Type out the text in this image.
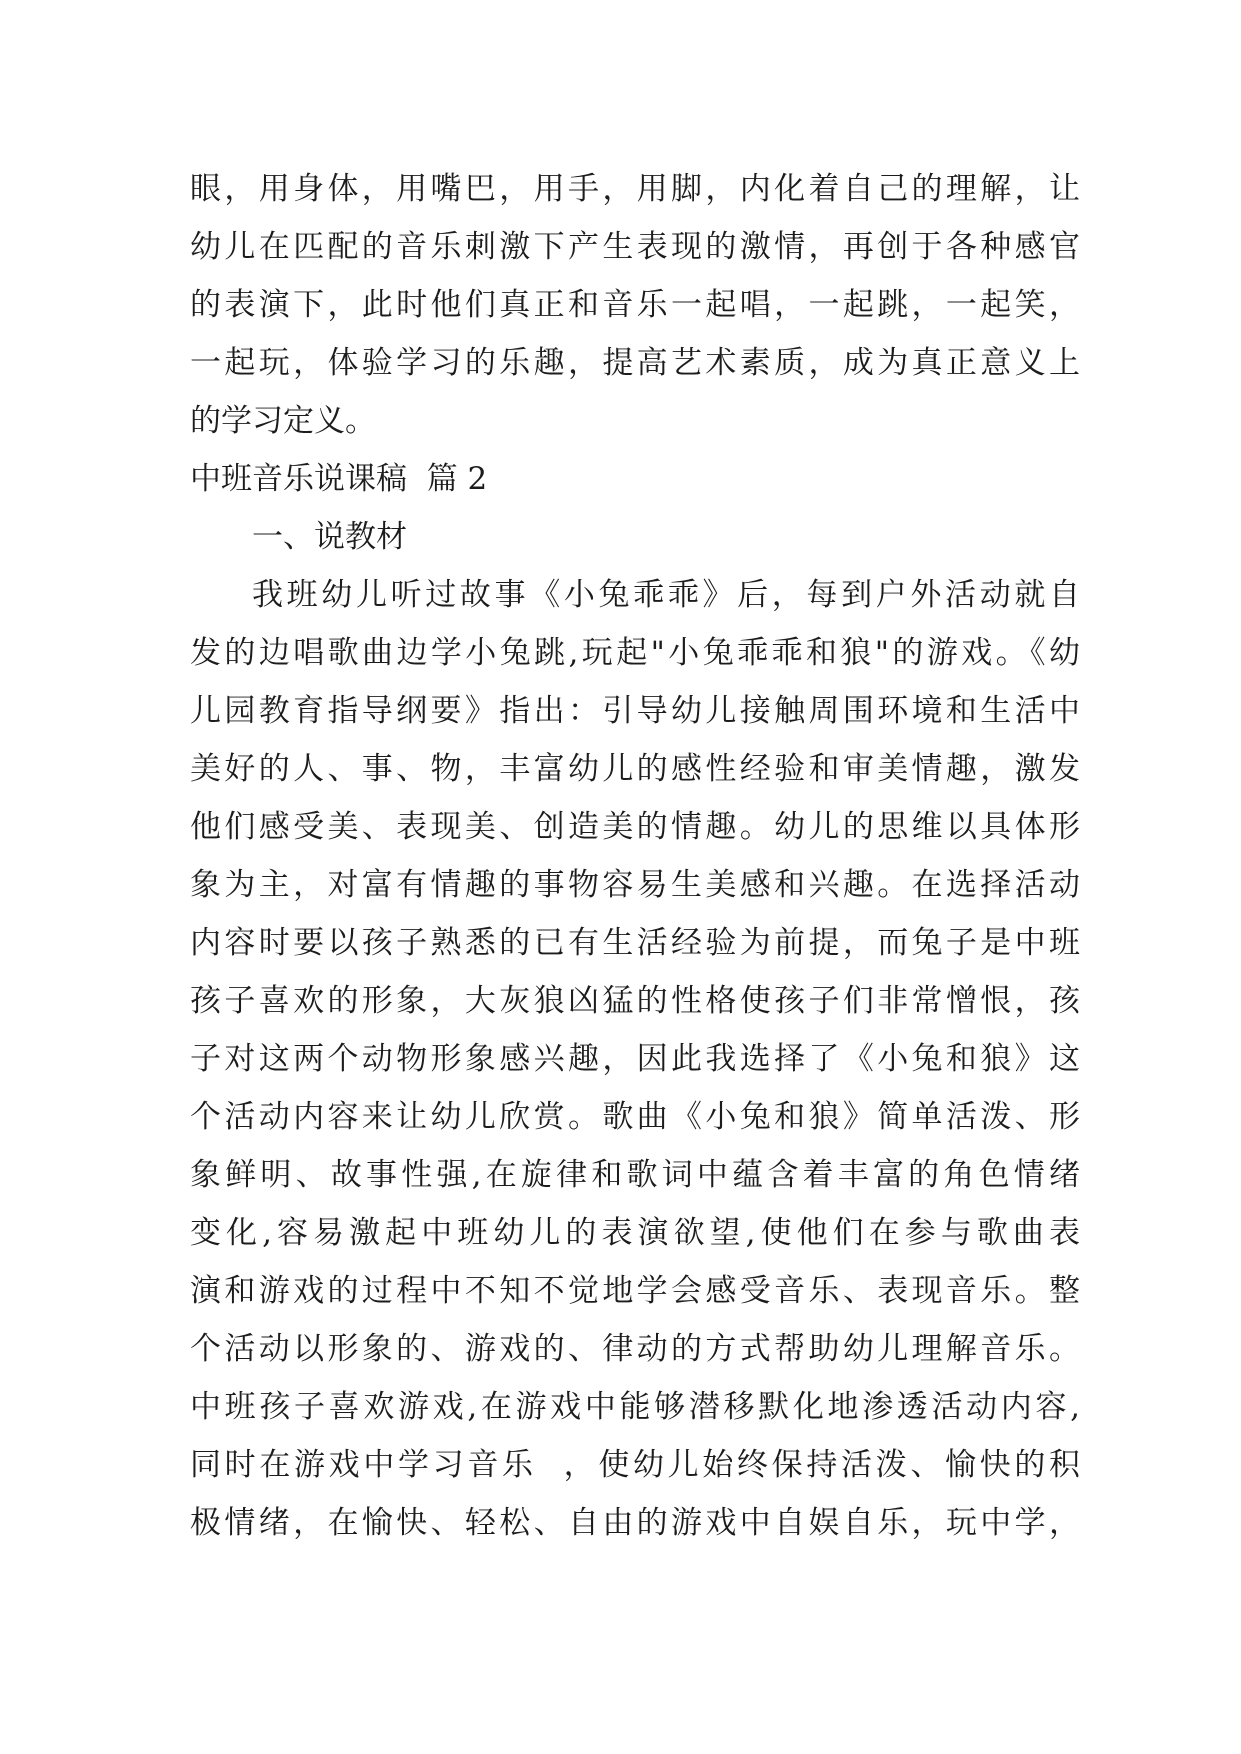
眼，用身体，用嘴巴，用手，用脚，内化着自己的理解，让
幼儿在匹配的音乐刺激下产生表现的激情，再创于各种感官
的表演下，此时他们真正和音乐一起唱，一起跳，一起笑，
一起玩，体验学习的乐趣，提高艺术素质，成为真正意义上
的学习定义。
中班音乐说课稿  篇 2
一、说教材
我班幼儿听过故事《小兔乖乖》后，每到户外活动就自
发的边唱歌曲边学小兔跳,玩起"小兔乖乖和狼"的游戏。《幼
儿园教育指导纲要》指出：引导幼儿接触周围环境和生活中
美好的人、事、物，丰富幼儿的感性经验和审美情趣，激发
他们感受美、表现美、创造美的情趣。幼儿的思维以具体形
象为主，对富有情趣的事物容易生美感和兴趣。在选择活动
内容时要以孩子熟悉的已有生活经验为前提，而兔子是中班
孩子喜欢的形象，大灰狼凶猛的性格使孩子们非常憎恨，孩
子对这两个动物形象感兴趣，因此我选择了《小兔和狼》这
个活动内容来让幼儿欣赏。歌曲《小兔和狼》简单活泼、形
象鲜明、故事性强,在旋律和歌词中蕴含着丰富的角色情绪
变化,容易激起中班幼儿的表演欲望,使他们在参与歌曲表
演和游戏的过程中不知不觉地学会感受音乐、表现音乐。整
个活动以形象的、游戏的、律动的方式帮助幼儿理解音乐。
中班孩子喜欢游戏,在游戏中能够潜移默化地渗透活动内容,
同时在游戏中学习音乐  ，使幼儿始终保持活泼、愉快的积
极情绪，在愉快、轻松、自由的游戏中自娱自乐，玩中学，
